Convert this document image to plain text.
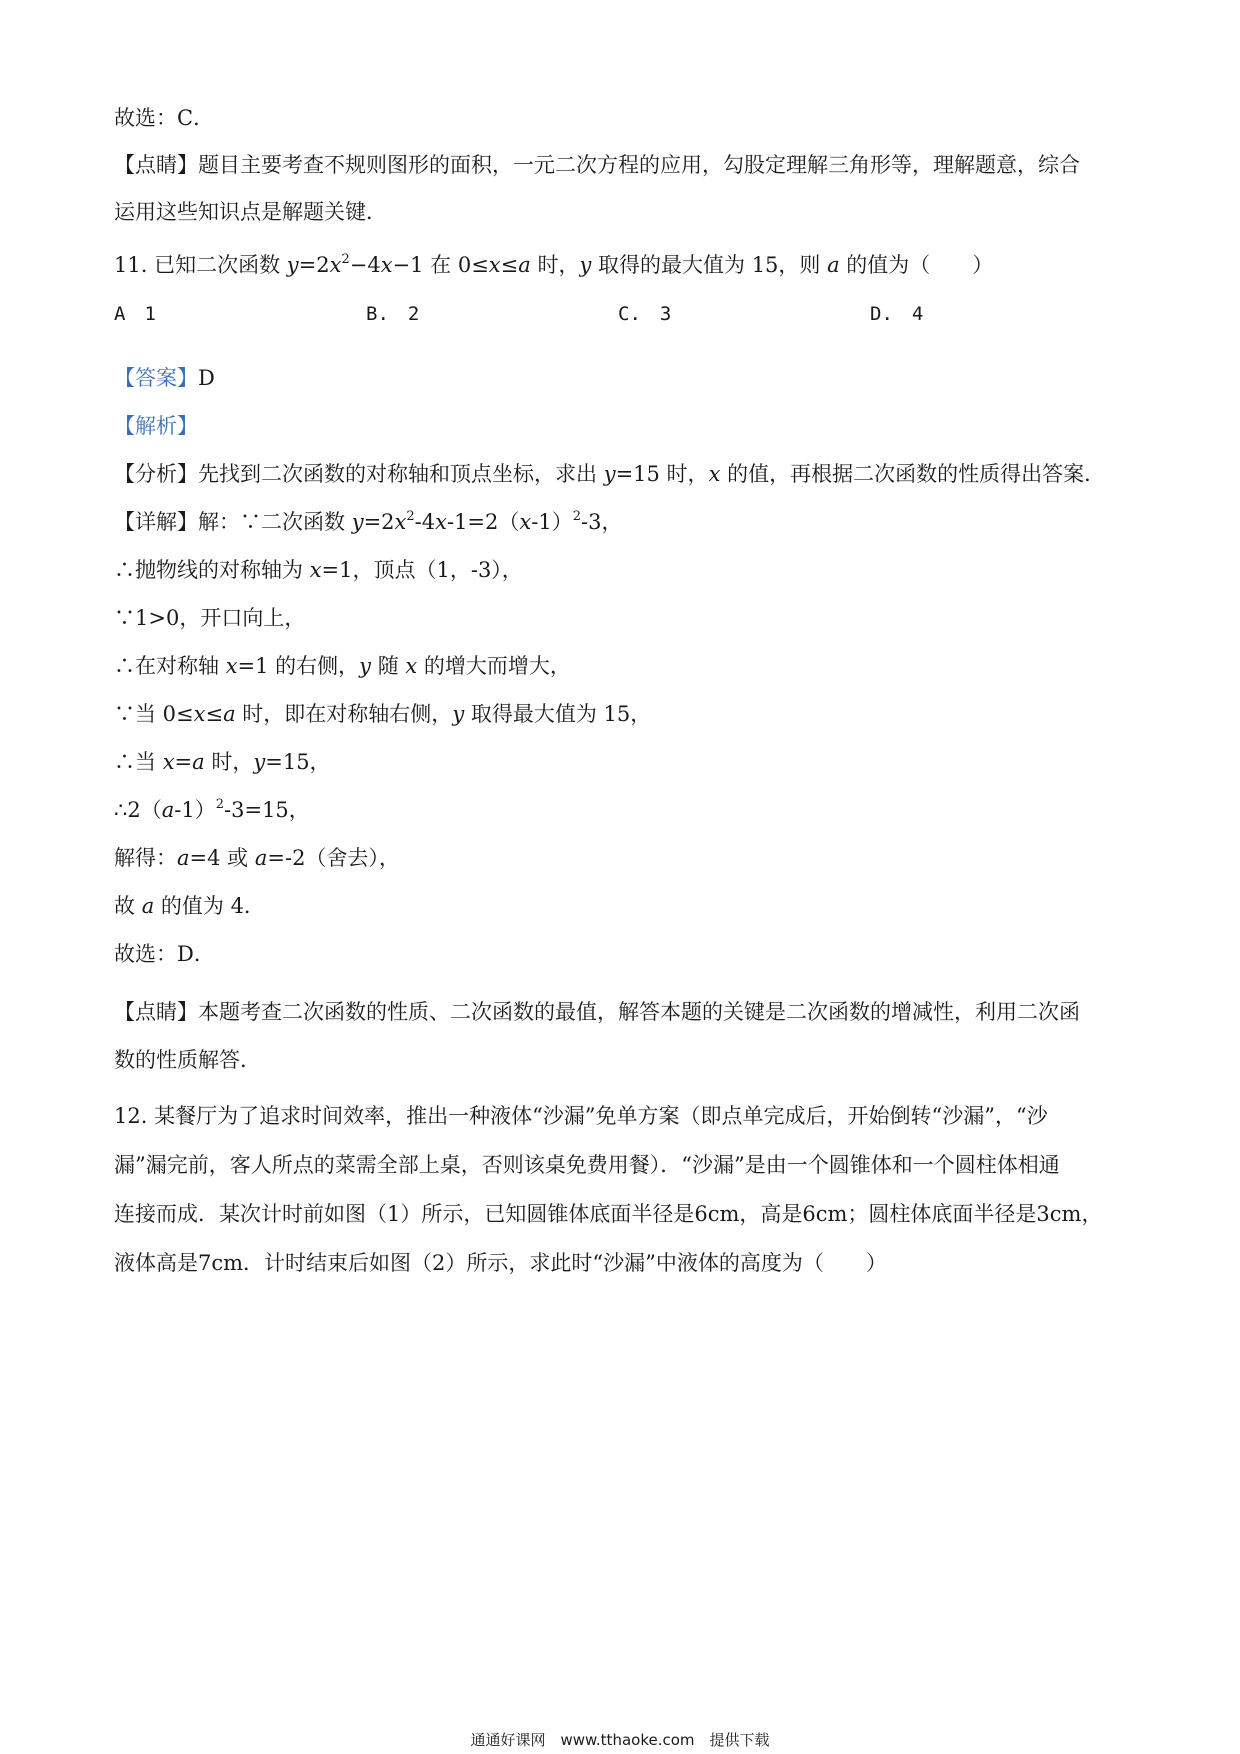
故选：C．
【点睛】题目主要考查不规则图形的面积，一元二次方程的应用，勾股定理解三角形等，理解题意，综合
运用这些知识点是解题关键．
11. 已知二次函数 $y=2x^2-4x-1$ 在 0≤x≤a 时，y 取得的最大值为 15，则 a 的值为（　　）
A　1	B.　2	C.　3	D.　4
【答案】D
【解析】
【分析】先找到二次函数的对称轴和顶点坐标，求出 y=15 时，x 的值，再根据二次函数的性质得出答案．
【详解】解：∵二次函数 $y=2x^2-4x-1=2(x-1)^2-3$，
∴抛物线的对称轴为 x=1，顶点（1，-3），
∵1>0，开口向上，
∴在对称轴 x=1 的右侧，y 随 x 的增大而增大，
∵当 0≤x≤a 时，即在对称轴右侧，y 取得最大值为 15，
∴当 x=a 时，y=15，
$\therefore 2(a-1)^2-3=15$，
解得：a=4 或 a=-2（舍去），
故 a 的值为 4．
故选：D．
【点睛】本题考查二次函数的性质、二次函数的最值，解答本题的关键是二次函数的增减性，利用二次函
数的性质解答．
12. 某餐厅为了追求时间效率，推出一种液体“沙漏”免单方案（即点单完成后，开始倒转“沙漏”，“沙
漏”漏完前，客人所点的菜需全部上桌，否则该桌免费用餐）．“沙漏”是由一个圆锥体和一个圆柱体相通
连接而成．某次计时前如图（1）所示，已知圆锥体底面半径是6cm，高是6cm；圆柱体底面半径是3cm，
液体高是7cm．计时结束后如图（2）所示，求此时“沙漏”中液体的高度为（　　）
通通好课网　www.tthaoke.com　提供下载
